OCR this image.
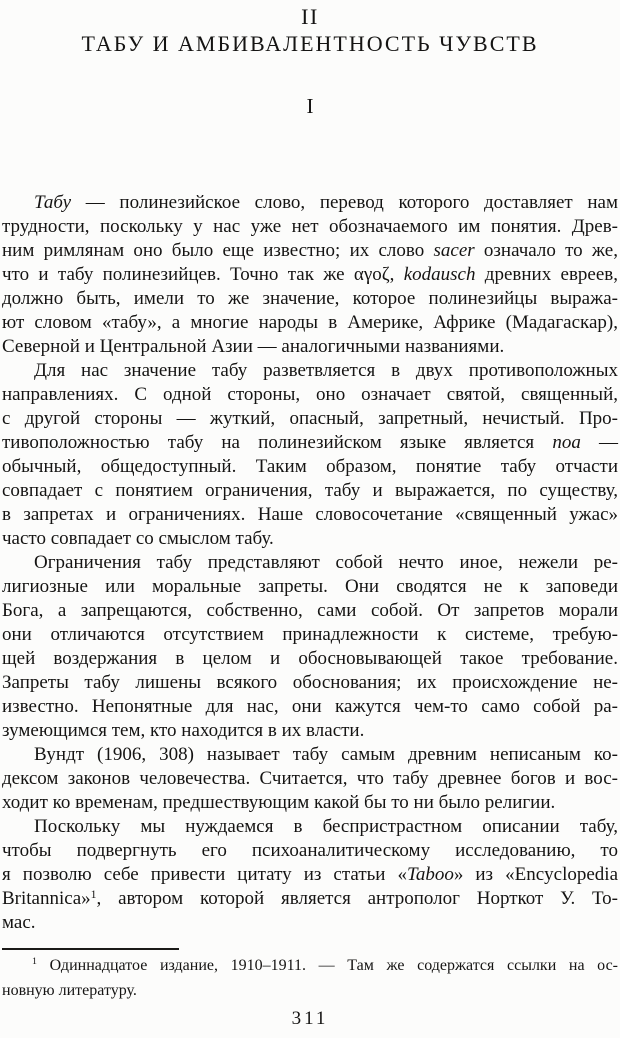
II
ТАБУ И АМБИВАЛЕНТНОСТЬ ЧУВСТВ
I
Табу — полинезийское слово, перевод которого доставляет нам
трудности, поскольку у нас уже нет обозначаемого им понятия. Древ-
ним римлянам оно было еще известно; их слово sacer означало то же,
что и табу полинезийцев. Точно так же αγοζ, kodausch древних евреев,
должно быть, имели то же значение, которое полинезийцы выража-
ют словом «табу», а многие народы в Америке, Африке (Мадагаскар),
Северной и Центральной Азии — аналогичными названиями.
Для нас значение табу разветвляется в двух противоположных
направлениях. С одной стороны, оно означает святой, священный,
с другой стороны — жуткий, опасный, запретный, нечистый. Про-
тивоположностью табу на полинезийском языке является noa —
обычный, общедоступный. Таким образом, понятие табу отчасти
совпадает с понятием ограничения, табу и выражается, по существу,
в запретах и ограничениях. Наше словосочетание «священный ужас»
часто совпадает со смыслом табу.
Ограничения табу представляют собой нечто иное, нежели ре-
лигиозные или моральные запреты. Они сводятся не к заповеди
Бога, а запрещаются, собственно, сами собой. От запретов морали
они отличаются отсутствием принадлежности к системе, требую-
щей воздержания в целом и обосновывающей такое требование.
Запреты табу лишены всякого обоснования; их происхождение не-
известно. Непонятные для нас, они кажутся чем-то само собой ра-
зумеющимся тем, кто находится в их власти.
Вундт (1906, 308) называет табу самым древним неписаным ко-
дексом законов человечества. Считается, что табу древнее богов и вос-
ходит ко временам, предшествующим какой бы то ни было религии.
Поскольку мы нуждаемся в беспристрастном описании табу,
чтобы подвергнуть его психоаналитическому исследованию, то
я позволю себе привести цитату из статьи «Taboo» из «Encyclopedia
Britannica»$^1$, автором которой является антрополог Норткот У. То-
мас.
$^1$ Одиннадцатое издание, 1910–1911. — Там же содержатся ссылки на ос-
новную литературу.
311
